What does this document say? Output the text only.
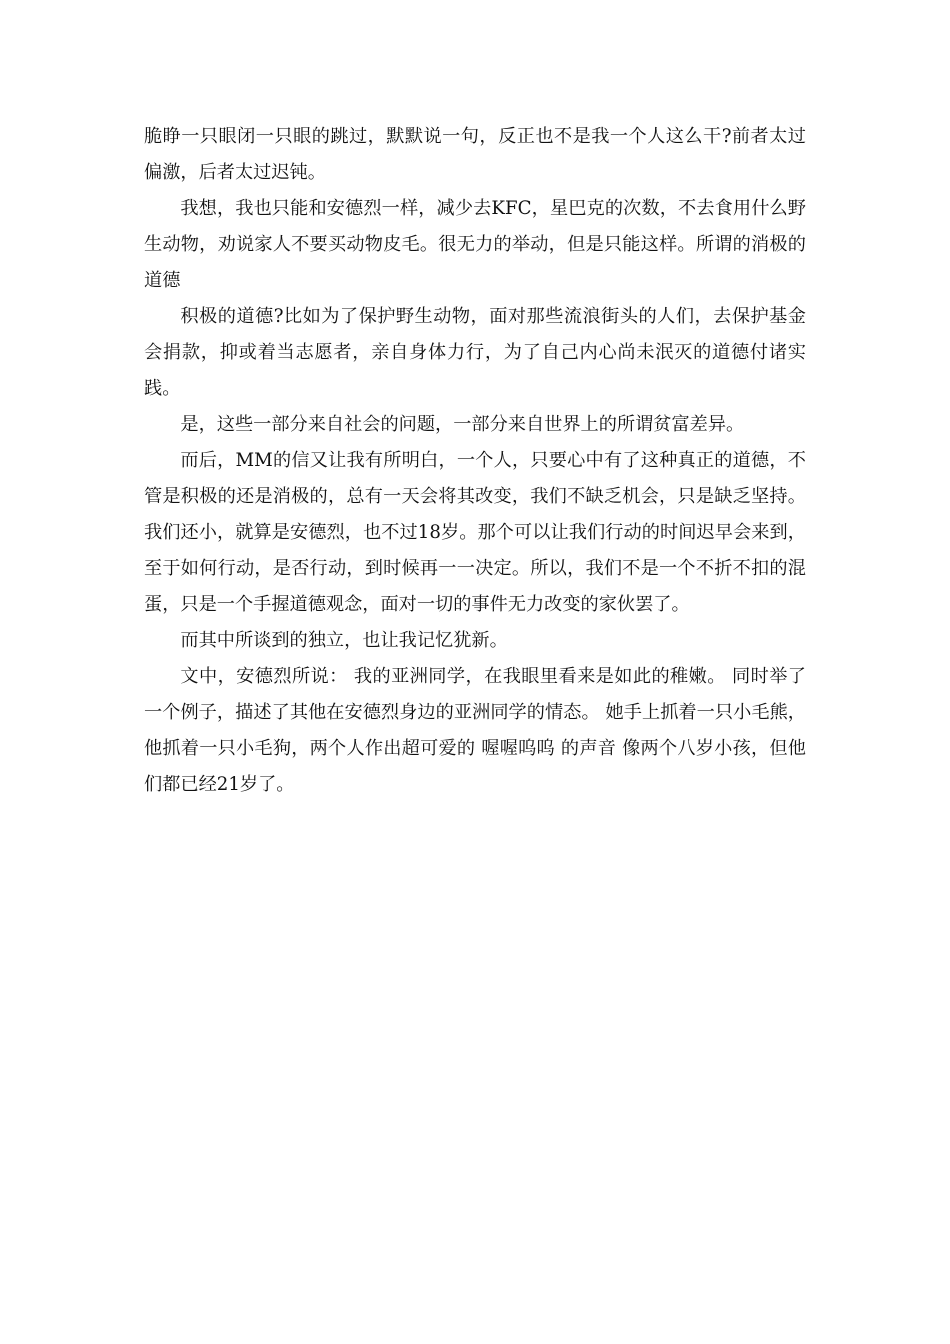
脆睁一只眼闭一只眼的跳过，默默说一句，反正也不是我一个人这么干?前者太过偏激，后者太过迟钝。

我想，我也只能和安德烈一样，减少去KFC，星巴克的次数，不去食用什么野生动物，劝说家人不要买动物皮毛。很无力的举动，但是只能这样。所谓的消极的道德

积极的道德?比如为了保护野生动物，面对那些流浪街头的人们，去保护基金会捐款，抑或着当志愿者，亲自身体力行，为了自己内心尚未泯灭的道德付诸实践。

是，这些一部分来自社会的问题，一部分来自世界上的所谓贫富差异。

而后，MM的信又让我有所明白，一个人，只要心中有了这种真正的道德，不管是积极的还是消极的，总有一天会将其改变，我们不缺乏机会，只是缺乏坚持。我们还小，就算是安德烈，也不过18岁。那个可以让我们行动的时间迟早会来到，至于如何行动，是否行动，到时候再一一决定。所以，我们不是一个不折不扣的混蛋，只是一个手握道德观念，面对一切的事件无力改变的家伙罢了。

而其中所谈到的独立，也让我记忆犹新。

文中，安德烈所说： 我的亚洲同学，在我眼里看来是如此的稚嫩。 同时举了一个例子，描述了其他在安德烈身边的亚洲同学的情态。 她手上抓着一只小毛熊，他抓着一只小毛狗，两个人作出超可爱的 喔喔呜呜 的声音 像两个八岁小孩，但他们都已经21岁了。
